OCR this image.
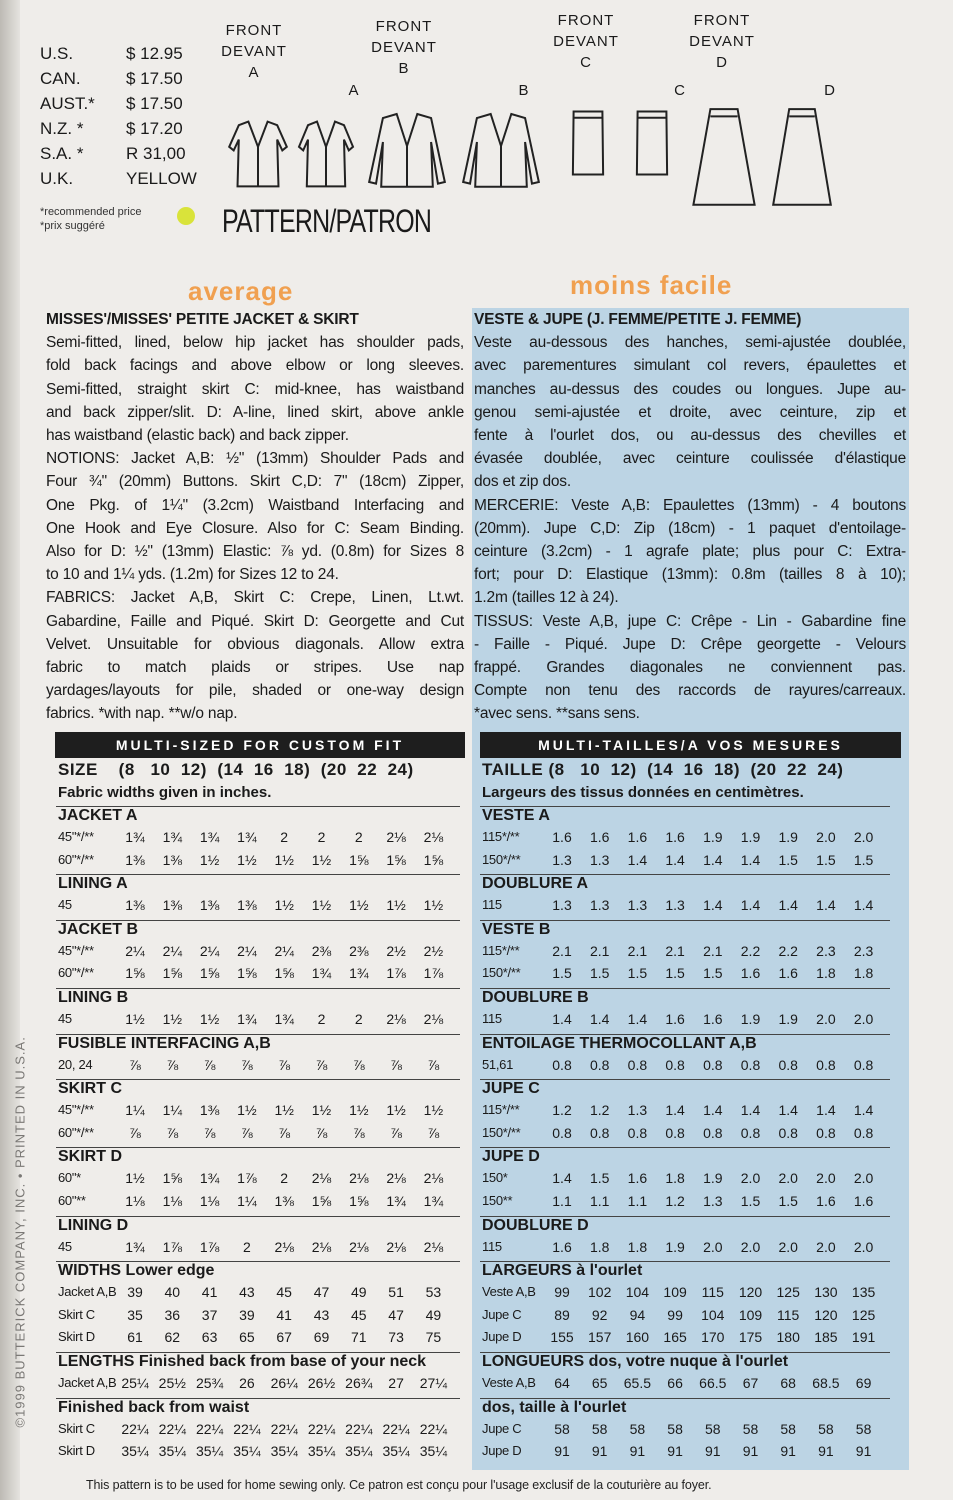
©1999 BUTTERICK COMPANY, INC. • PRINTED IN U.S.A.
U.S.	$ 12.95
CAN.	$ 17.50
AUST.*	$ 17.50
N.Z. *	$ 17.20
S.A. *	R 31,00
U.K.	YELLOW
*recommended price
*prix suggéré	PATTERN/PATRON
FRONT
DEVANT
A
A
FRONT
DEVANT
B
B
FRONT
DEVANT
C
C
FRONT
DEVANT
D
D
average	moins facile
MISSES'/MISSES' PETITE JACKET & SKIRT
Semi-fitted, lined, below hip jacket has shoulder pads,
fold back facings and above elbow or long sleeves.
Semi-fitted, straight skirt C: mid-knee, has waistband
and back zipper/slit. D: A-line, lined skirt, above ankle
has waistband (elastic back) and back zipper.
NOTIONS: Jacket A,B: ½" (13mm) Shoulder Pads and
Four ¾" (20mm) Buttons. Skirt C,D: 7" (18cm) Zipper,
One Pkg. of 1¼" (3.2cm) Waistband Interfacing and
One Hook and Eye Closure. Also for C: Seam Binding.
Also for D: ½" (13mm) Elastic: ⅞ yd. (0.8m) for Sizes 8
to 10 and 1¼ yds. (1.2m) for Sizes 12 to 24.
FABRICS: Jacket A,B, Skirt C: Crepe, Linen, Lt.wt.
Gabardine, Faille and Piqué. Skirt D: Georgette and Cut
Velvet. Unsuitable for obvious diagonals. Allow extra
fabric to match plaids or stripes. Use nap
yardages/layouts for pile, shaded or one-way design
fabrics. *with nap. **w/o nap.
VESTE & JUPE (J. FEMME/PETITE J. FEMME)
Veste au-dessous des hanches, semi-ajustée doublée,
avec parementures simulant col revers, épaulettes et
manches au-dessus des coudes ou longues. Jupe au-
genou semi-ajustée et droite, avec ceinture, zip et
fente à l'ourlet dos, ou au-dessus des chevilles et
évasée doublée, avec ceinture coulissée d'élastique
dos et zip dos.
MERCERIE: Veste A,B: Epaulettes (13mm) - 4 boutons
(20mm). Jupe C,D: Zip (18cm) - 1 paquet d'entoilage-
ceinture (3.2cm) - 1 agrafe plate; plus pour C: Extra-
fort; pour D: Elastique (13mm): 0.8m (tailles 8 à 10);
1.2m (tailles 12 à 24).
TISSUS: Veste A,B, jupe C: Crêpe - Lin - Gabardine fine
- Faille - Piqué. Jupe D: Crêpe georgette - Velours
frappé. Grandes diagonales ne conviennent pas.
Compte non tenu des raccords de rayures/carreaux.
*avec sens. **sans sens.
MULTI-SIZED FOR CUSTOM FIT	MULTI-TAILLES/A VOS MESURES
SIZE    (8   10  12)  (14  16  18)  (20  22  24)
Fabric widths given in inches.
JACKET A
45"*/**	1¾	1¾	1¾	1¾	2	2	2	2⅛	2⅛
60"*/**	1⅜	1⅜	1½	1½	1½	1½	1⅝	1⅝	1⅝
LINING A
45	1⅜	1⅜	1⅜	1⅜	1½	1½	1½	1½	1½
JACKET B
45"*/**	2¼	2¼	2¼	2¼	2¼	2⅜	2⅜	2½	2½
60"*/**	1⅝	1⅝	1⅝	1⅝	1⅝	1¾	1¾	1⅞	1⅞
LINING B
45	1½	1½	1½	1¾	1¾	2	2	2⅛	2⅛
FUSIBLE INTERFACING A,B
20, 24	⅞	⅞	⅞	⅞	⅞	⅞	⅞	⅞	⅞
SKIRT C
45"*/**	1¼	1¼	1⅜	1½	1½	1½	1½	1½	1½
60"*/**	⅞	⅞	⅞	⅞	⅞	⅞	⅞	⅞	⅞
SKIRT D
60"*	1½	1⅝	1¾	1⅞	2	2⅛	2⅛	2⅛	2⅛
60"**	1⅛	1⅛	1⅛	1¼	1⅜	1⅝	1⅝	1¾	1¾
LINING D
45	1¾	1⅞	1⅞	2	2⅛	2⅛	2⅛	2⅛	2⅛
WIDTHS Lower edge
Jacket A,B 39	40	41	43	45	47	49	51	53
Skirt C	35	36	37	39	41	43	45	47	49
Skirt D	61	62	63	65	67	69	71	73	75
LENGTHS Finished back from base of your neck
Jacket A,B 25¼ 25½ 25¾	26	26¼ 26½ 26¾	27	27¼
Finished back from waist
Skirt C	22¼ 22¼ 22¼ 22¼ 22¼ 22¼ 22¼ 22¼ 22¼
Skirt D	35¼ 35¼ 35¼ 35¼ 35¼ 35¼ 35¼ 35¼ 35¼
TAILLE (8   10  12)  (14  16  18)  (20  22  24)
Largeurs des tissus données en centimètres.
VESTE A
115*/**	1.6	1.6	1.6	1.6	1.9	1.9	1.9	2.0	2.0
150*/**	1.3	1.3	1.4	1.4	1.4	1.4	1.5	1.5	1.5
DOUBLURE A
115	1.3	1.3	1.3	1.3	1.4	1.4	1.4	1.4	1.4
VESTE B
115*/**	2.1	2.1	2.1	2.1	2.1	2.2	2.2	2.3	2.3
150*/**	1.5	1.5	1.5	1.5	1.5	1.6	1.6	1.8	1.8
DOUBLURE B
115	1.4	1.4	1.4	1.6	1.6	1.9	1.9	2.0	2.0
ENTOILAGE THERMOCOLLANT A,B
51,61	0.8	0.8	0.8	0.8	0.8	0.8	0.8	0.8	0.8
JUPE C
115*/**	1.2	1.2	1.3	1.4	1.4	1.4	1.4	1.4	1.4
150*/**	0.8	0.8	0.8	0.8	0.8	0.8	0.8	0.8	0.8
JUPE D
150*	1.4	1.5	1.6	1.8	1.9	2.0	2.0	2.0	2.0
150**	1.1	1.1	1.1	1.2	1.3	1.5	1.5	1.6	1.6
DOUBLURE D
115	1.6	1.8	1.8	1.9	2.0	2.0	2.0	2.0	2.0
LARGEURS à l'ourlet
Veste A,B	99	102	104	109	115	120	125	130	135
Jupe C	89	92	94	99	104	109	115	120	125
Jupe D	155	157	160	165	170	175	180	185	191
LONGUEURS dos, votre nuque à l'ourlet
Veste A,B	64	65	65.5	66	66.5	67	68	68.5	69
dos, taille à l'ourlet
Jupe C	58	58	58	58	58	58	58	58	58
Jupe D	91	91	91	91	91	91	91	91	91
This pattern is to be used for home sewing only. Ce patron est conçu pour l'usage exclusif de la couturière au foyer.
